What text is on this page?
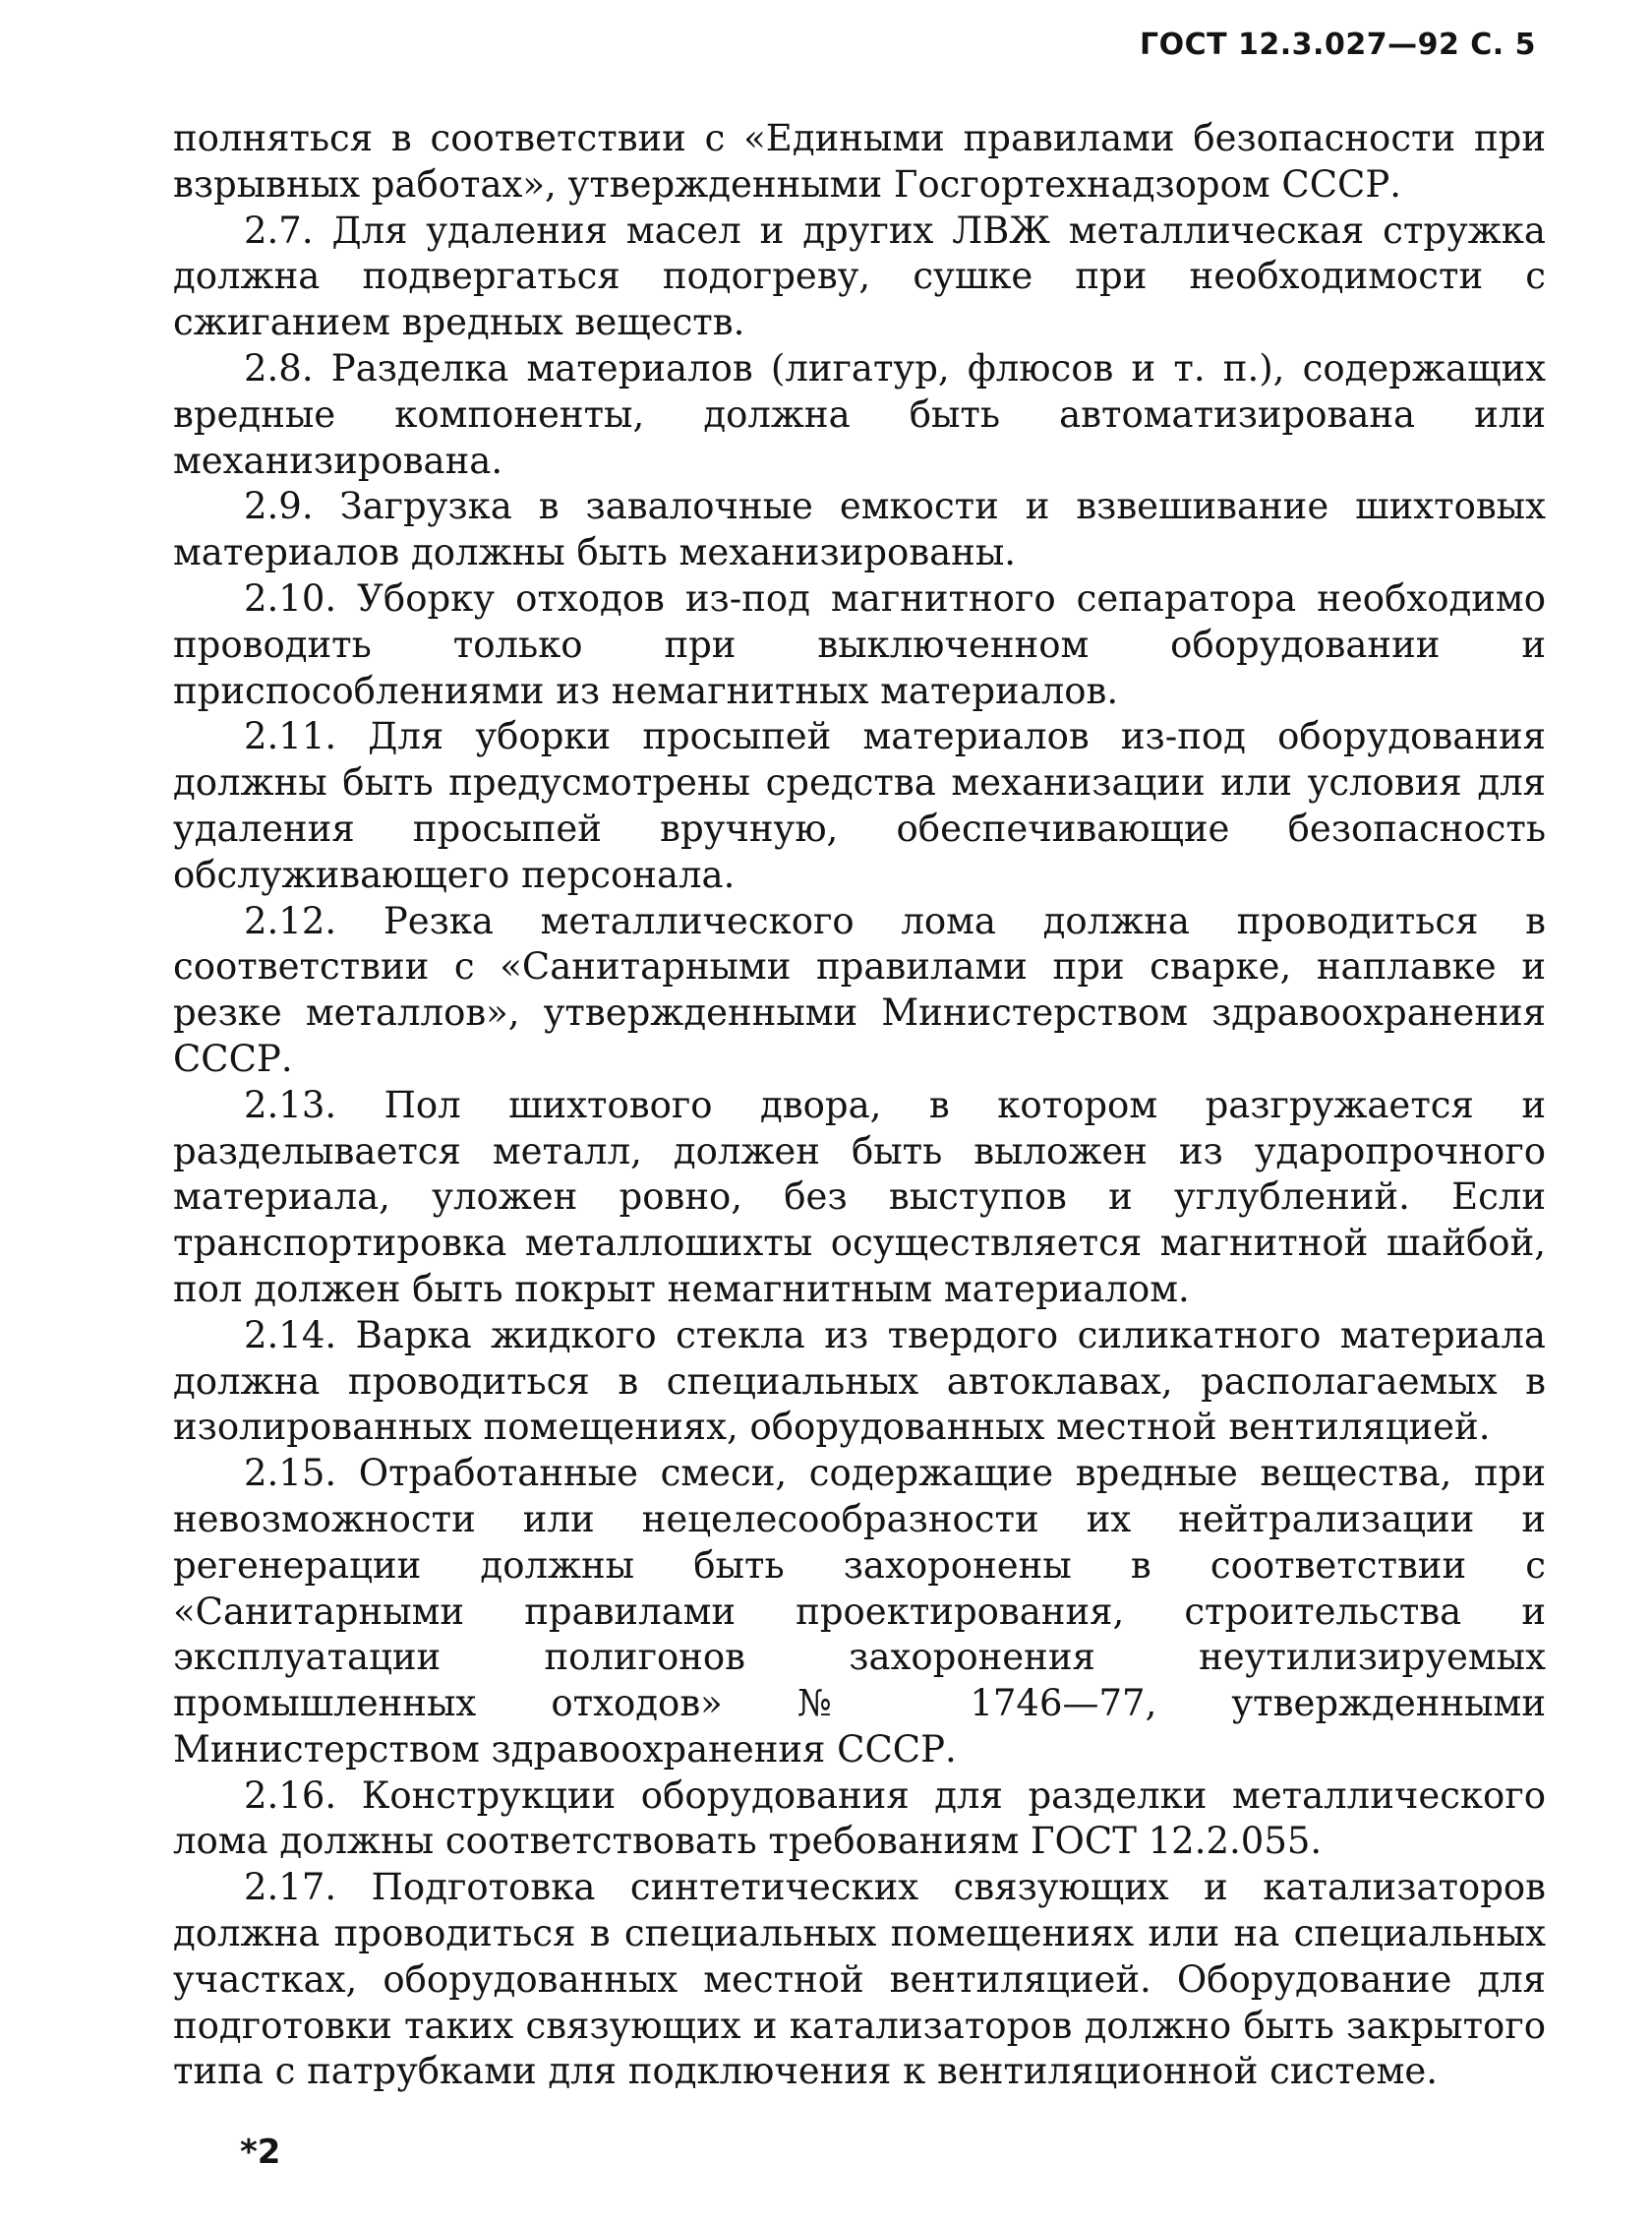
ГОСТ 12.3.027—92 С. 5

полняться в соответствии с «Едиными правилами безопасности при взрывных работах», утвержденными Госгортехнадзором СССР.

2.7. Для удаления масел и других ЛВЖ металлическая стружка должна подвергаться подогреву, сушке при необходимости с сжиганием вредных веществ.

2.8. Разделка материалов (лигатур, флюсов и т. п.), содержащих вредные компоненты, должна быть автоматизирована или механизирована.

2.9. Загрузка в завалочные емкости и взвешивание шихтовых материалов должны быть механизированы.

2.10. Уборку отходов из-под магнитного сепаратора необходимо проводить только при выключенном оборудовании и приспособлениями из немагнитных материалов.

2.11. Для уборки просыпей материалов из-под оборудования должны быть предусмотрены средства механизации или условия для удаления просыпей вручную, обеспечивающие безопасность обслуживающего персонала.

2.12. Резка металлического лома должна проводиться в соответствии с «Санитарными правилами при сварке, наплавке и резке металлов», утвержденными Министерством здравоохранения СССР.

2.13. Пол шихтового двора, в котором разгружается и разделывается металл, должен быть выложен из ударопрочного материала, уложен ровно, без выступов и углублений. Если транспортировка металлошихты осуществляется магнитной шайбой, пол должен быть покрыт немагнитным материалом.

2.14. Варка жидкого стекла из твердого силикатного материала должна проводиться в специальных автоклавах, располагаемых в изолированных помещениях, оборудованных местной вентиляцией.

2.15. Отработанные смеси, содержащие вредные вещества, при невозможности или нецелесообразности их нейтрализации и регенерации должны быть захоронены в соответствии с «Санитарными правилами проектирования, строительства и эксплуатации полигонов захоронения неутилизируемых промышленных отходов» № 1746—77, утвержденными Министерством здравоохранения СССР.

2.16. Конструкции оборудования для разделки металлического лома должны соответствовать требованиям ГОСТ 12.2.055.

2.17. Подготовка синтетических связующих и катализаторов должна проводиться в специальных помещениях или на специальных участках, оборудованных местной вентиляцией. Оборудование для подготовки таких связующих и катализаторов должно быть закрытого типа с патрубками для подключения к вентиляционной системе.

*2
